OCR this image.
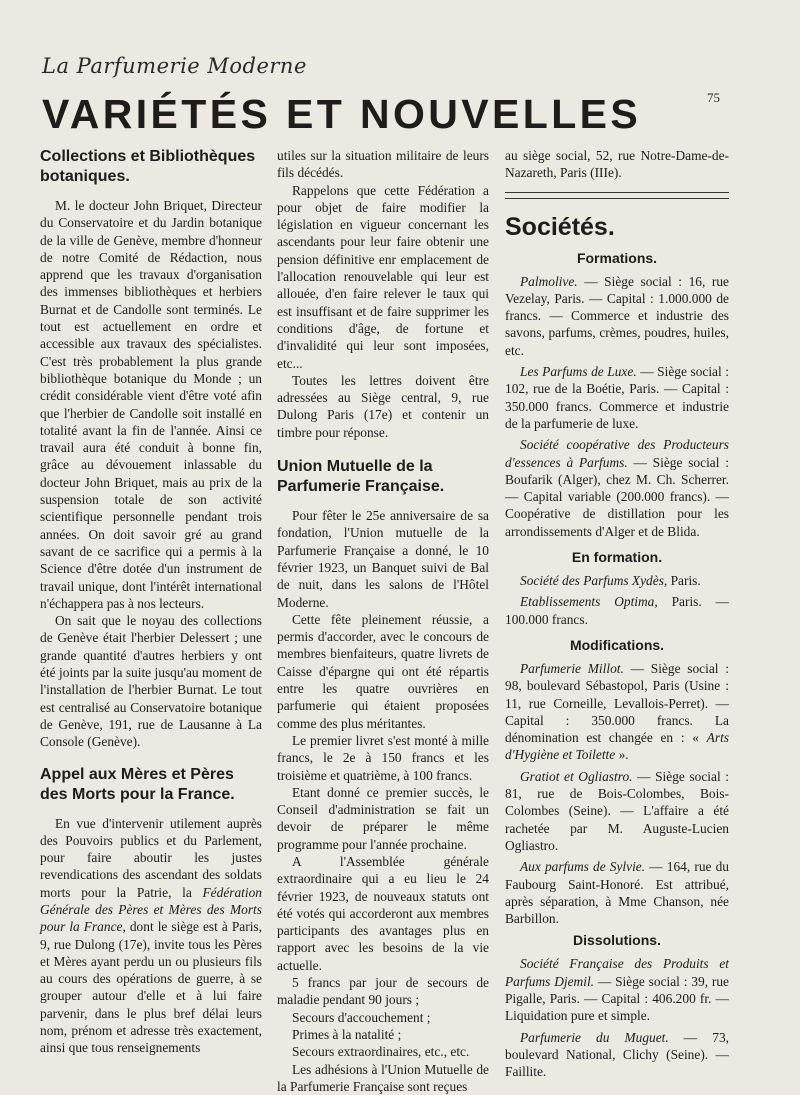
La Parfumerie Moderne
75
VARIÉTÉS ET NOUVELLES
Collections et Bibliothèques botaniques.

M. le docteur John Briquet, Directeur du Conservatoire et du Jardin botanique de la ville de Genève, membre d'honneur de notre Comité de Rédaction, nous apprend que les travaux d'organisation des immenses bibliothèques et herbiers Burnat et de Candolle sont terminés. Le tout est actuellement en ordre et accessible aux travaux des spécialistes. C'est très probablement la plus grande bibliothèque botanique du Monde ; un crédit considérable vient d'être voté afin que l'herbier de Candolle soit installé en totalité avant la fin de l'année. Ainsi ce travail aura été conduit à bonne fin, grâce au dévouement inlassable du docteur John Briquet, mais au prix de la suspension totale de son activité scientifique personnelle pendant trois années. On doit savoir gré au grand savant de ce sacrifice qui a permis à la Science d'être dotée d'un instrument de travail unique, dont l'intérêt international n'échappera pas à nos lecteurs.

On sait que le noyau des collections de Genève était l'herbier Delessert ; une grande quantité d'autres herbiers y ont été joints par la suite jusqu'au moment de l'installation de l'herbier Burnat. Le tout est centralisé au Conservatoire botanique de Genève, 191, rue de Lausanne à La Console (Genève).

Appel aux Mères et Pères des Morts pour la France.

En vue d'intervenir utilement auprès des Pouvoirs publics et du Parlement, pour faire aboutir les justes revendications des ascendant des soldats morts pour la Patrie, la Fédération Générale des Pères et Mères des Morts pour la France, dont le siège est à Paris, 9, rue Dulong (17e), invite tous les Pères et Mères ayant perdu un ou plusieurs fils au cours des opérations de guerre, à se grouper autour d'elle et à lui faire parvenir, dans le plus bref délai leurs nom, prénom et adresse très exactement, ainsi que tous renseignements

utiles sur la situation militaire de leurs fils décédés.

Rappelons que cette Fédération a pour objet de faire modifier la législation en vigueur concernant les ascendants pour leur faire obtenir une pension définitive enr emplacement de l'allocation renouvelable qui leur est allouée, d'en faire relever le taux qui est insuffisant et de faire supprimer les conditions d'âge, de fortune et d'invalidité qui leur sont imposées, etc...

Toutes les lettres doivent être adressées au Siège central, 9, rue Dulong Paris (17e) et contenir un timbre pour réponse.

Union Mutuelle de la Parfumerie Française.

Pour fêter le 25e anniversaire de sa fondation, l'Union mutuelle de la Parfumerie Française a donné, le 10 février 1923, un Banquet suivi de Bal de nuit, dans les salons de l'Hôtel Moderne.

Cette fête pleinement réussie, a permis d'accorder, avec le concours de membres bienfaiteurs, quatre livrets de Caisse d'épargne qui ont été répartis entre les quatre ouvrières en parfumerie qui étaient proposées comme des plus méritantes.

Le premier livret s'est monté à mille francs, le 2e à 150 francs et les troisième et quatrième, à 100 francs.

Etant donné ce premier succès, le Conseil d'administration se fait un devoir de préparer le même programme pour l'année prochaine.

A l'Assemblée générale extraordinaire qui a eu lieu le 24 février 1923, de nouveaux statuts ont été votés qui accorderont aux membres participants des avantages plus en rapport avec les besoins de la vie actuelle.

5 francs par jour de secours de maladie pendant 90 jours ;

Secours d'accouchement ;

Primes à la natalité ;

Secours extraordinaires, etc., etc.

Les adhésions à l'Union Mutuelle de la Parfumerie Française sont reçues

au siège social, 52, rue Notre-Dame-de-Nazareth, Paris (IIIe).

Sociétés.
Formations.

Palmolive. — Siège social : 16, rue Vezelay, Paris. — Capital : 1.000.000 de francs. — Commerce et industrie des savons, parfums, crèmes, poudres, huiles, etc.

Les Parfums de Luxe. — Siège social : 102, rue de la Boétie, Paris. — Capital : 350.000 francs. Commerce et industrie de la parfumerie de luxe.

Société coopérative des Producteurs d'essences à Parfums. — Siège social : Boufarik (Alger), chez M. Ch. Scherrer. — Capital variable (200.000 francs). — Coopérative de distillation pour les arrondissements d'Alger et de Blida.

En formation.

Société des Parfums Xydès, Paris.

Etablissements Optima, Paris. — 100.000 francs.

Modifications.

Parfumerie Millot. — Siège social : 98, boulevard Sébastopol, Paris (Usine : 11, rue Corneille, Levallois-Perret). — Capital : 350.000 francs. La dénomination est changée en : « Arts d'Hygiène et Toilette ».

Gratiot et Ogliastro. — Siège social : 81, rue de Bois-Colombes, Bois-Colombes (Seine). — L'affaire a été rachetée par M. Auguste-Lucien Ogliastro.

Aux parfums de Sylvie. — 164, rue du Faubourg Saint-Honoré. Est attribué, après séparation, à Mme Chanson, née Barbillon.

Dissolutions.

Société Française des Produits et Parfums Djemil. — Siège social : 39, rue Pigalle, Paris. — Capital : 406.200 fr. — Liquidation pure et simple.

Parfumerie du Muguet. — 73, boulevard National, Clichy (Seine). — Faillite.
